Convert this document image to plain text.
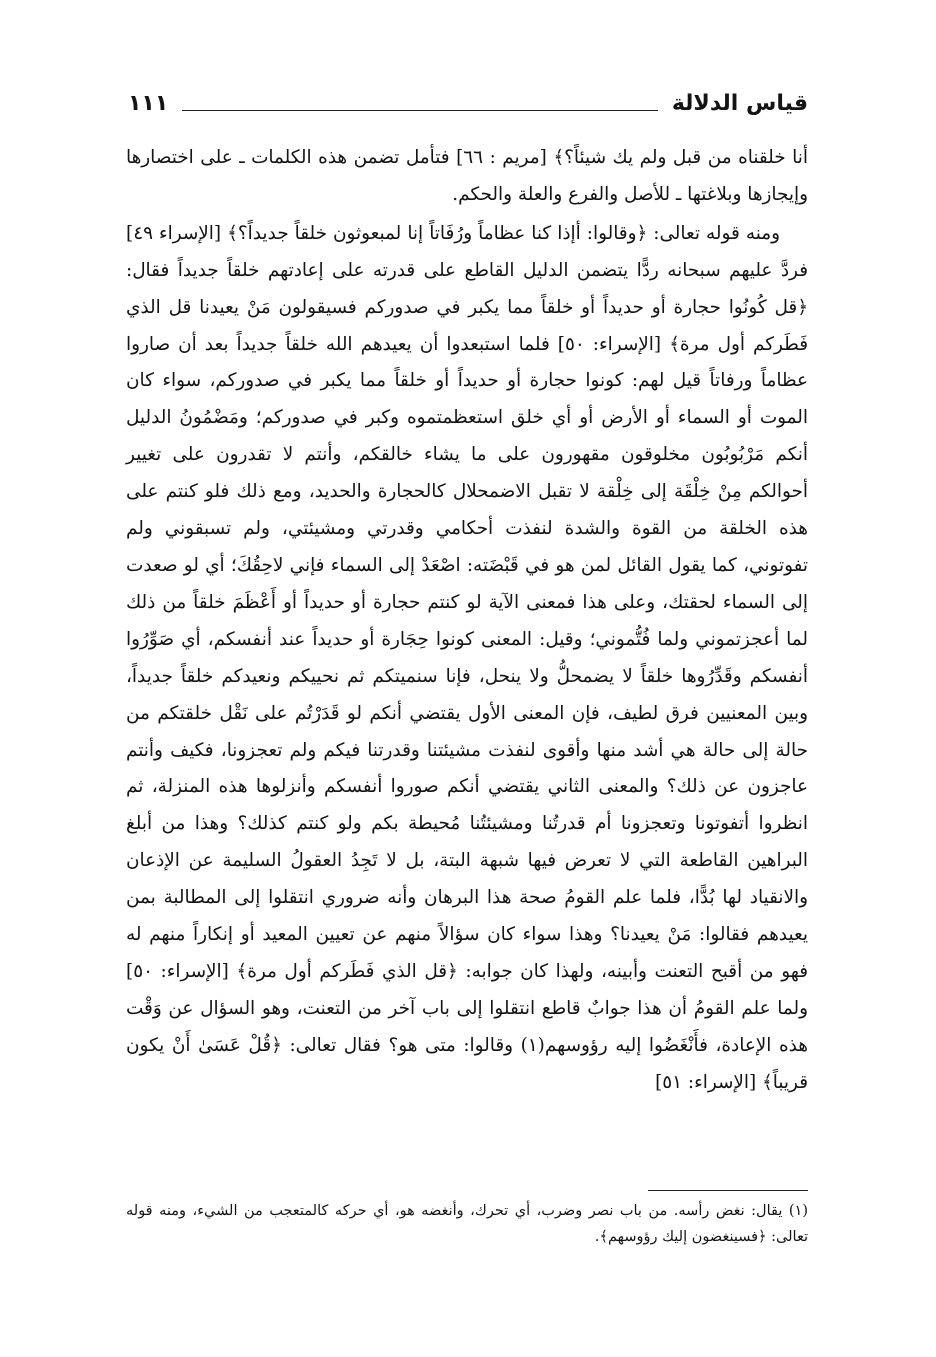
قياس الدلالة
١١١

أنا خلقناه من قبل ولم يك شيئاً؟﴾ [مريم : ٦٦] فتأمل تضمن هذه الكلمات ـ على اختصارها وإيجازها وبلاغتها ـ للأصل والفرع والعلة والحكم.

ومنه قوله تعالى: ﴿وقالوا: أإذا كنا عظاماً ورُفَاتاً إنا لمبعوثون خلقاً جديداً؟﴾ [الإسراء ٤٩] فردَّ عليهم سبحانه ردًّا يتضمن الدليل القاطع على قدرته على إعادتهم خلقاً جديداً فقال: ﴿قل كُونُوا حجارة أو حديداً أو خلقاً مما يكبر في صدوركم فسيقولون مَنْ يعيدنا قل الذي فَطَركم أول مرة﴾ [الإسراء: ٥٠] فلما استبعدوا أن يعيدهم الله خلقاً جديداً بعد أن صاروا عظاماً ورفاتاً قيل لهم: كونوا حجارة أو حديداً أو خلقاً مما يكبر في صدوركم، سواء كان الموت أو السماء أو الأرض أو أي خلق استعظمتموه وكبر في صدوركم؛ ومَضْمُونُ الدليل أنكم مَرْبُوبُون مخلوقون مقهورون على ما يشاء خالقكم، وأنتم لا تقدرون على تغيير أحوالكم مِنْ خِلْقَة إلى خِلْقة لا تقبل الاضمحلال كالحجارة والحديد، ومع ذلك فلو كنتم على هذه الخلقة من القوة والشدة لنفذت أحكامي وقدرتي ومشيئتي، ولم تسبقوني ولم تفوتوني، كما يقول القائل لمن هو في قَبْضَته: اصْعَدْ إلى السماء فإني لاحِقُكَ؛ أي لو صعدت إلى السماء لحقتك، وعلى هذا فمعنى الآية لو كنتم حجارة أو حديداً أو أَعْظَمَ خلقاً من ذلك لما أعجزتموني ولما فُتُّموني؛ وقيل: المعنى كونوا حِجَارة أو حديداً عند أنفسكم، أي صَوِّرُوا أنفسكم وقَدِّرُوها خلقاً لا يضمحلُّ ولا ينحل، فإنا سنميتكم ثم نحييكم ونعيدكم خلقاً جديداً، وبين المعنيين فرق لطيف، فإن المعنى الأول يقتضي أنكم لو قَدَرْتُم على نَقْل خلقتكم من حالة إلى حالة هي أشد منها وأقوى لنفذت مشيئتنا وقدرتنا فيكم ولم تعجزونا، فكيف وأنتم عاجزون عن ذلك؟ والمعنى الثاني يقتضي أنكم صوروا أنفسكم وأنزلوها هذه المنزلة، ثم انظروا أتفوتونا وتعجزونا أم قدرتُنا ومشيئتُنا مُحيطة بكم ولو كنتم كذلك؟ وهذا من أبلغ البراهين القاطعة التي لا تعرض فيها شبهة البتة، بل لا تَجِدُ العقولُ السليمة عن الإذعان والانقياد لها بُدًّا، فلما علم القومُ صحة هذا البرهان وأنه ضروري انتقلوا إلى المطالبة بمن يعيدهم فقالوا: مَنْ يعيدنا؟ وهذا سواء كان سؤالاً منهم عن تعيين المعيد أو إنكاراً منهم له فهو من أقبح التعنت وأبينه، ولهذا كان جوابه: ﴿قل الذي فَطَركم أول مرة﴾ [الإسراء: ٥٠] ولما علم القومُ أن هذا جوابٌ قاطع انتقلوا إلى باب آخر من التعنت، وهو السؤال عن وَقْت هذه الإعادة، فأَنْغَضُوا إليه رؤوسهم(١) وقالوا: متى هو؟ فقال تعالى: ﴿قُلْ عَسَىٰ أَنْ يكون قريباً﴾ [الإسراء: ٥١]

(١) يقال: نغض رأسه. من باب نصر وضرب، أي تحرك، وأنغضه هو، أي حركه كالمتعجب من الشيء، ومنه قوله تعالى: ﴿فسينغضون إليك رؤوسهم﴾.
